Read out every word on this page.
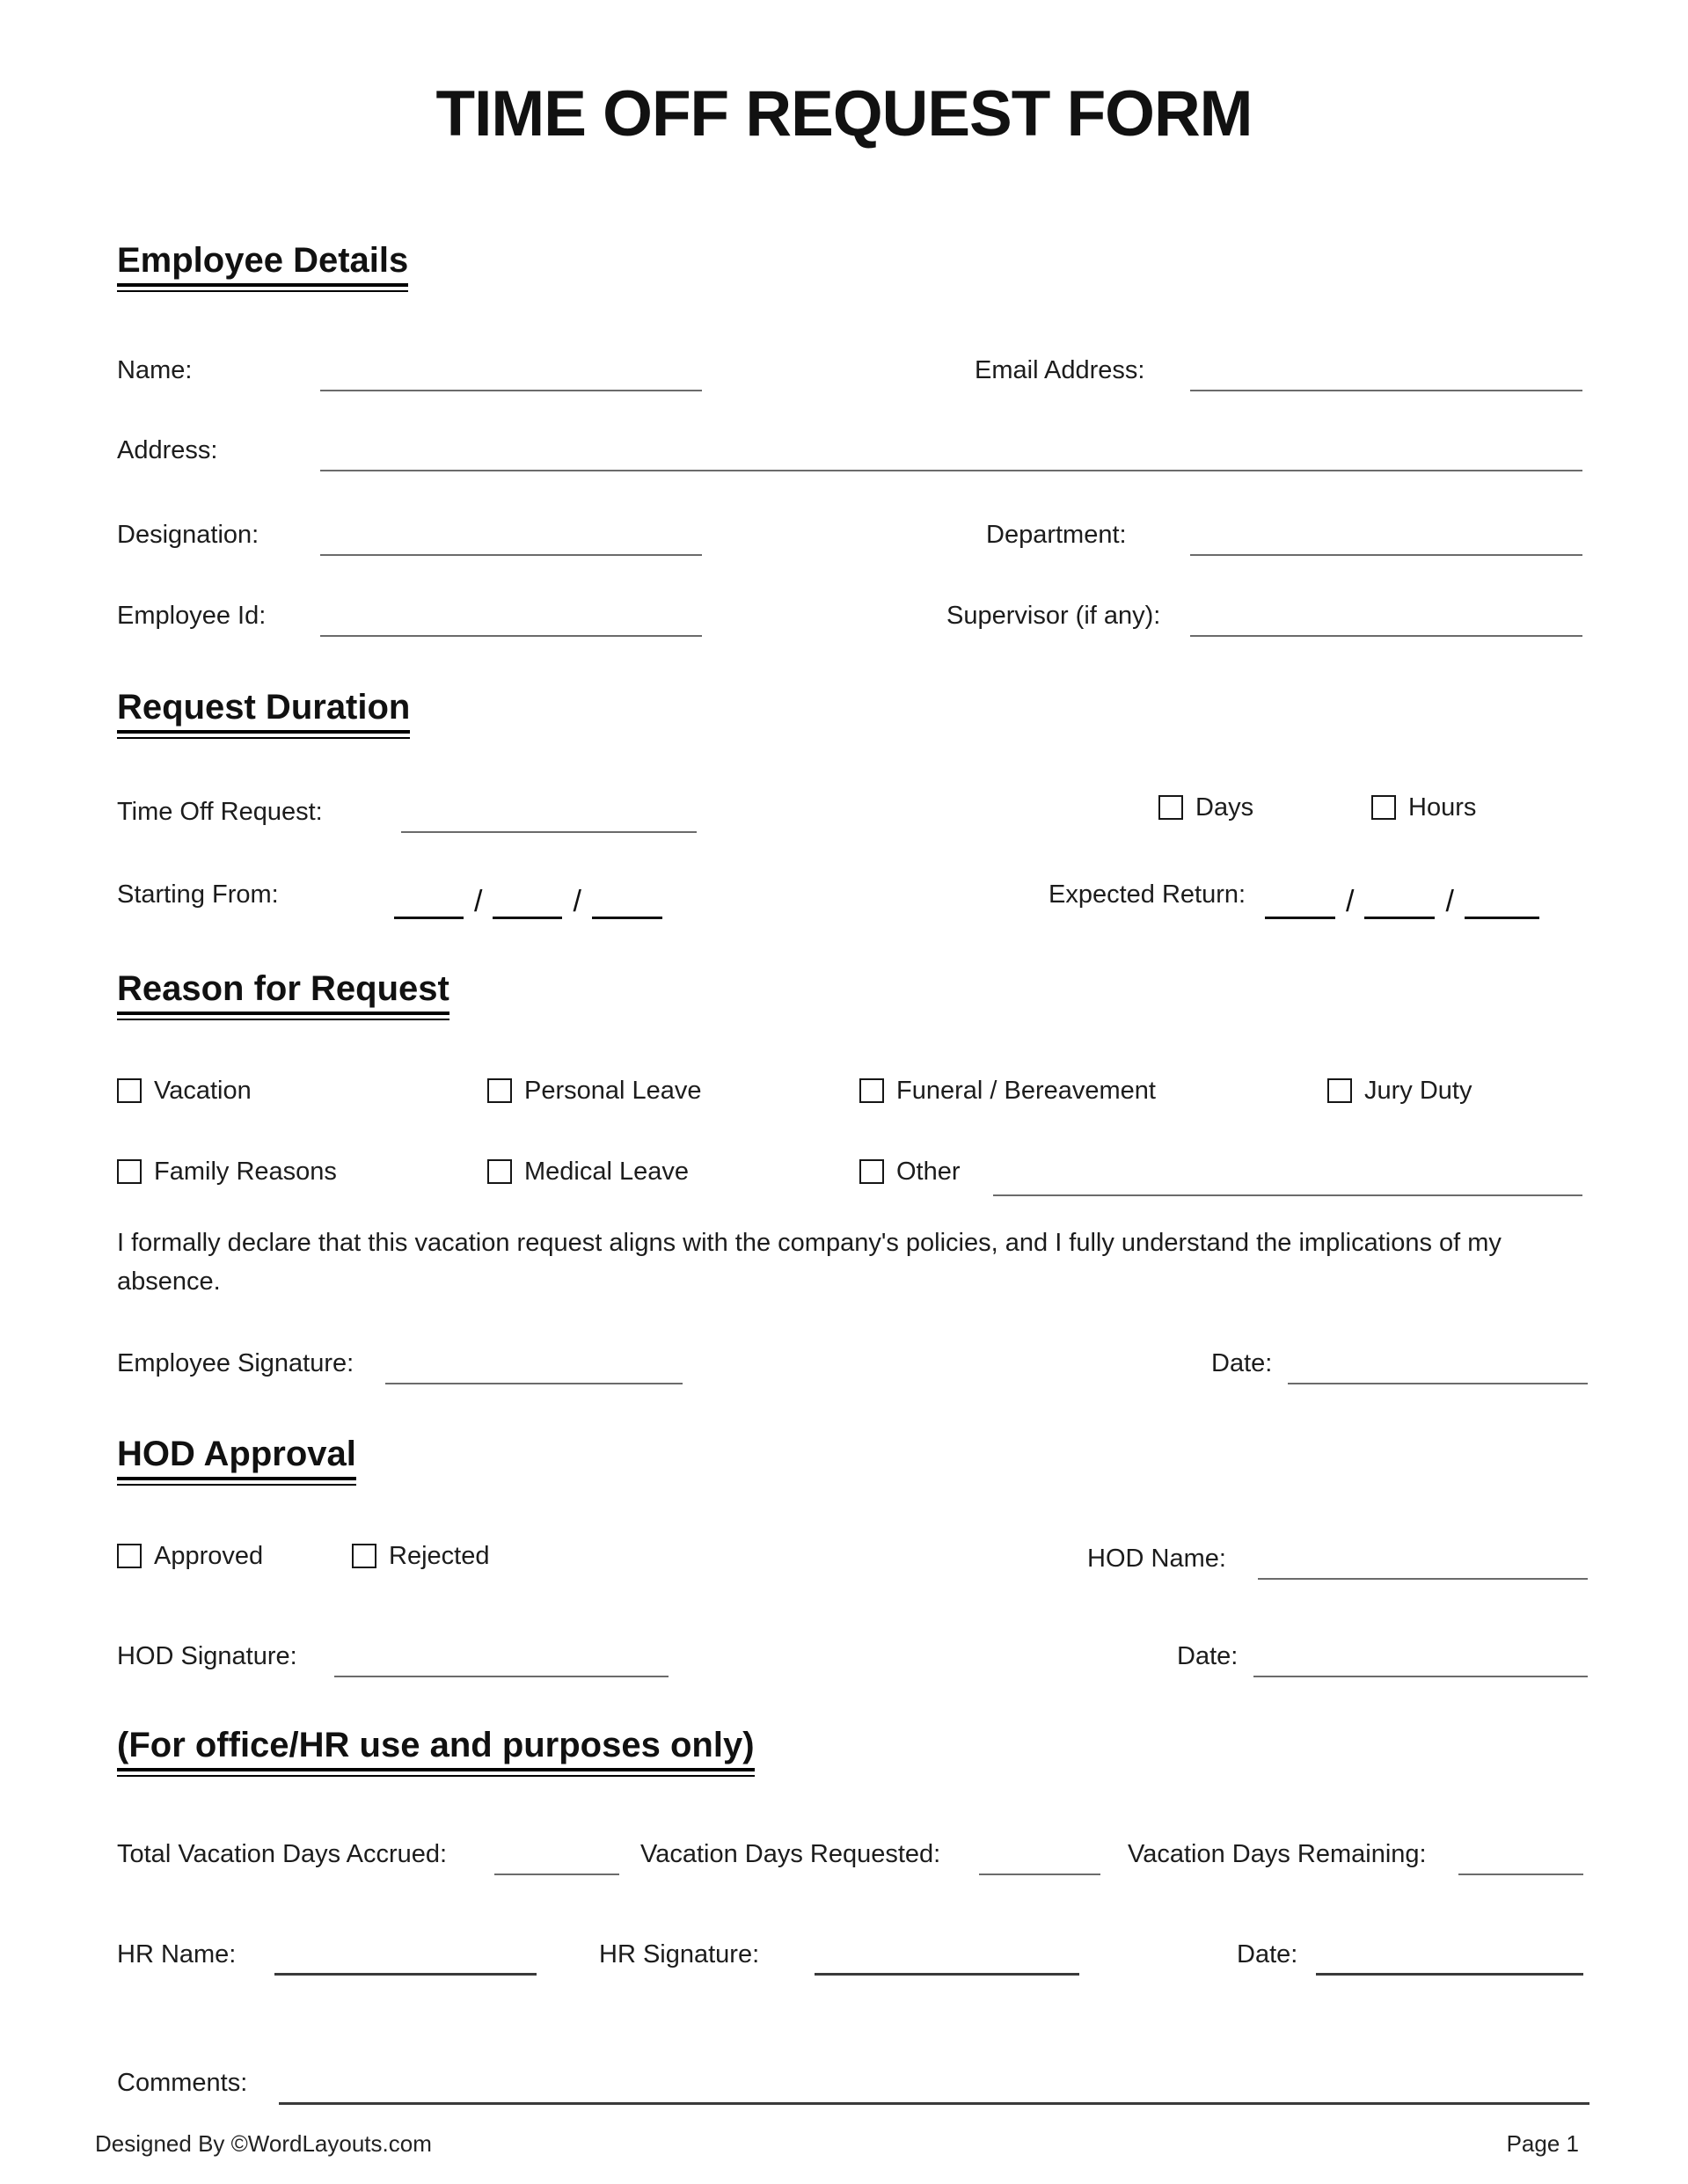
TIME OFF REQUEST FORM
Employee Details
Name:	Email Address:
Address:
Designation:	Department:
Employee Id:	Supervisor (if any):
Request Duration
Time Off Request:	Days	Hours
Starting From:	/	/	Expected Return:	/	/
Reason for Request
Vacation	Personal Leave	Funeral / Bereavement	Jury Duty
Family Reasons	Medical Leave	Other
I formally declare that this vacation request aligns with the company's policies, and I fully understand the implications of my absence.
Employee Signature:	Date:
HOD Approval
Approved	Rejected	HOD Name:
HOD Signature:	Date:
(For office/HR use and purposes only)
Total Vacation Days Accrued:	Vacation Days Requested:	Vacation Days Remaining:
HR Name:	HR Signature:	Date:
Comments:
Designed By ©WordLayouts.com	Page 1
